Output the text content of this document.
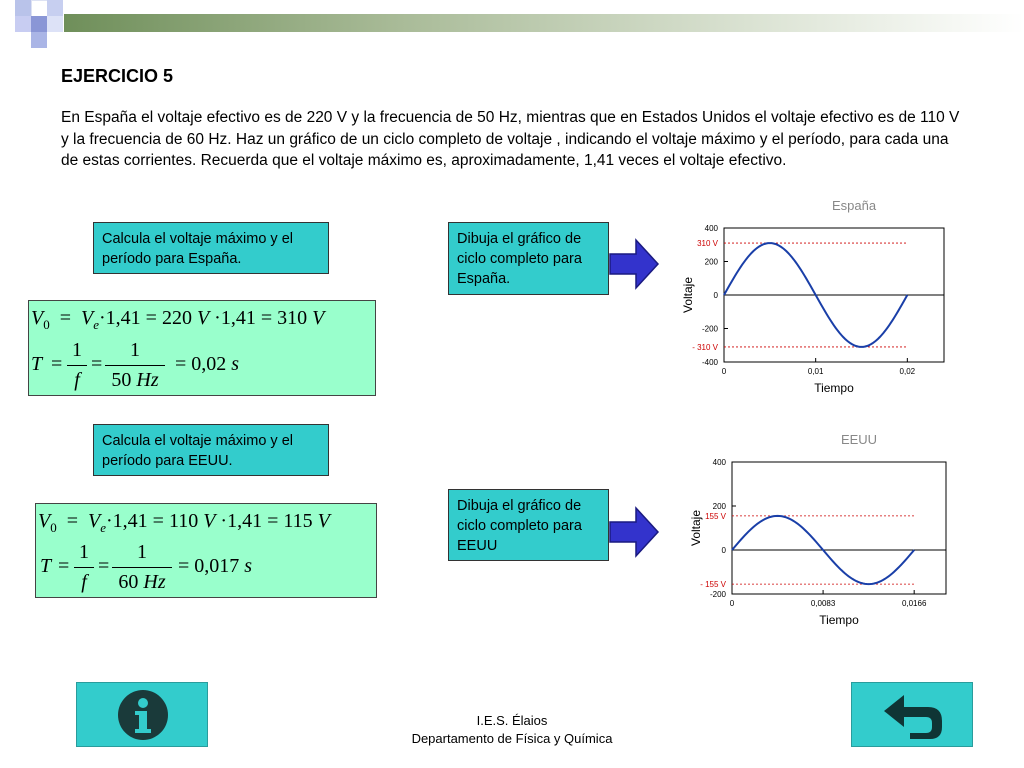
EJERCICIO 5
En España el voltaje efectivo es de 220 V y la frecuencia de 50 Hz, mientras que en Estados Unidos el voltaje efectivo es de 110 V y la frecuencia de 60 Hz. Haz un gráfico de un ciclo completo de voltaje , indicando el voltaje máximo y el período, para cada una de estas corrientes. Recuerda que el voltaje máximo es, aproximadamente, 1,41 veces el voltaje efectivo.
Calcula el voltaje máximo y el período para España.
Dibuja el gráfico de ciclo completo para España.
$V_0 = V_e\cdot 1,41 = 220$ V ·1,41 = 310 V
T =
1
f
=
1
50 Hz
= 0,02 s
Calcula el voltaje máximo y el período para EEUU.
Dibuja el gráfico de ciclo completo para EEUU
$V_0 = V_e\cdot 1,41 = 110$ V ·1,41 = 115 V
T =
1
f
=
1
60 Hz
= 0,017 s
España
400
200
0
-200
-400
0	0,01	0,02
Tiempo
Voltaje
310 V
- 310 V
EEUU
400
200
0
-200
0	0,0083	0,0166
Tiempo
Voltaje 155 V
- 155 V
I.E.S. Élaios
Departamento de Física y Química
